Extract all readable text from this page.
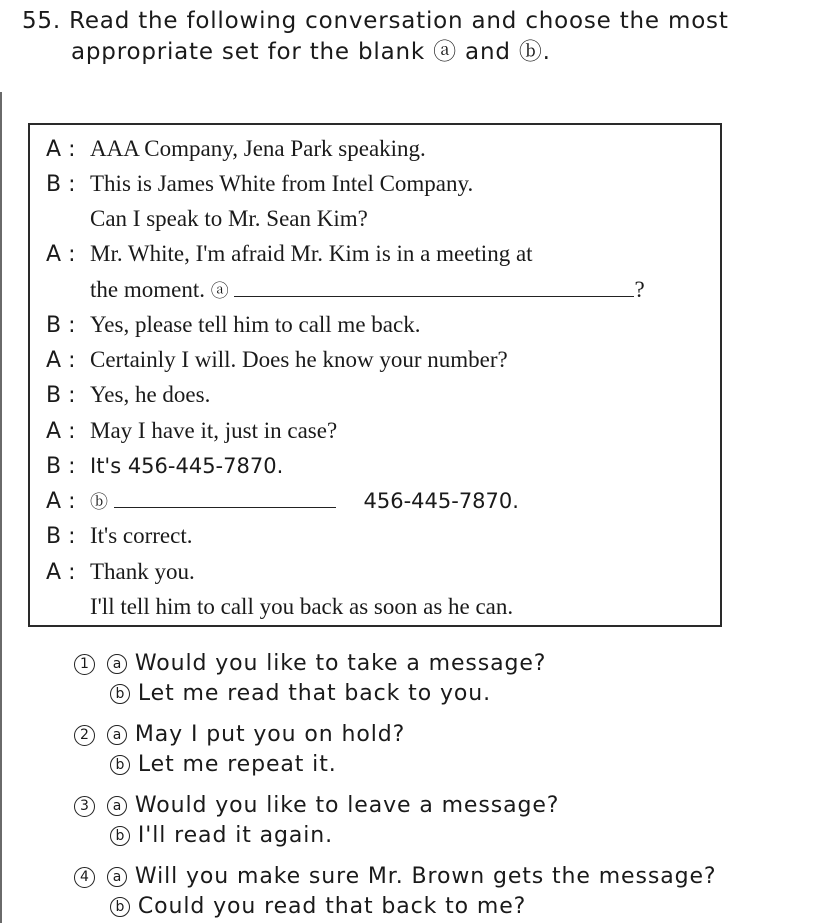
55. Read the following conversation and choose the most
appropriate set for the blank ⓐ and ⓑ.
A : AAA Company, Jena Park speaking.
B : This is James White from Intel Company.
Can I speak to Mr. Sean Kim?
A : Mr. White, I'm afraid Mr. Kim is in a meeting at
the moment. ⓐ	?
B : Yes, please tell him to call me back.
A : Certainly I will. Does he know your number?
B : Yes, he does.
A : May I have it, just in case?
B : It's 456-445-7870.
A : ⓑ	456-445-7870.
B : It's correct.
A : Thank you.
I'll tell him to call you back as soon as he can.
1 a Would you like to take a message?
b Let me read that back to you.
2 a May I put you on hold?
b Let me repeat it.
3 a Would you like to leave a message?
b I'll read it again.
4 a Will you make sure Mr. Brown gets the message?
b Could you read that back to me?
